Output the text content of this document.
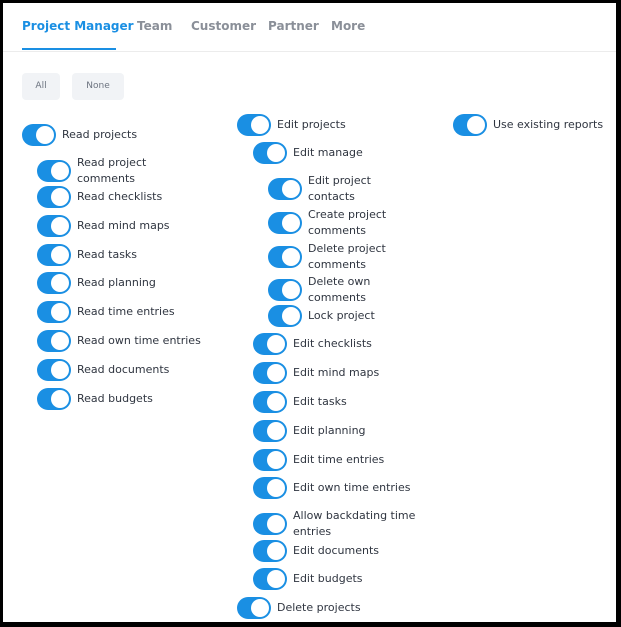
Project Manager Team Customer Partner More
All	None
Read projects
Read project comments
Read checklists
Read mind maps
Read tasks
Read planning
Read time entries
Read own time entries
Read documents
Read budgets
Edit projects
Edit manage
Edit project contacts
Create project comments
Delete project comments
Delete own comments
Lock project
Edit checklists
Edit mind maps
Edit tasks
Edit planning
Edit time entries
Edit own time entries
Allow backdating time entries
Edit documents
Edit budgets
Delete projects
Use existing reports
